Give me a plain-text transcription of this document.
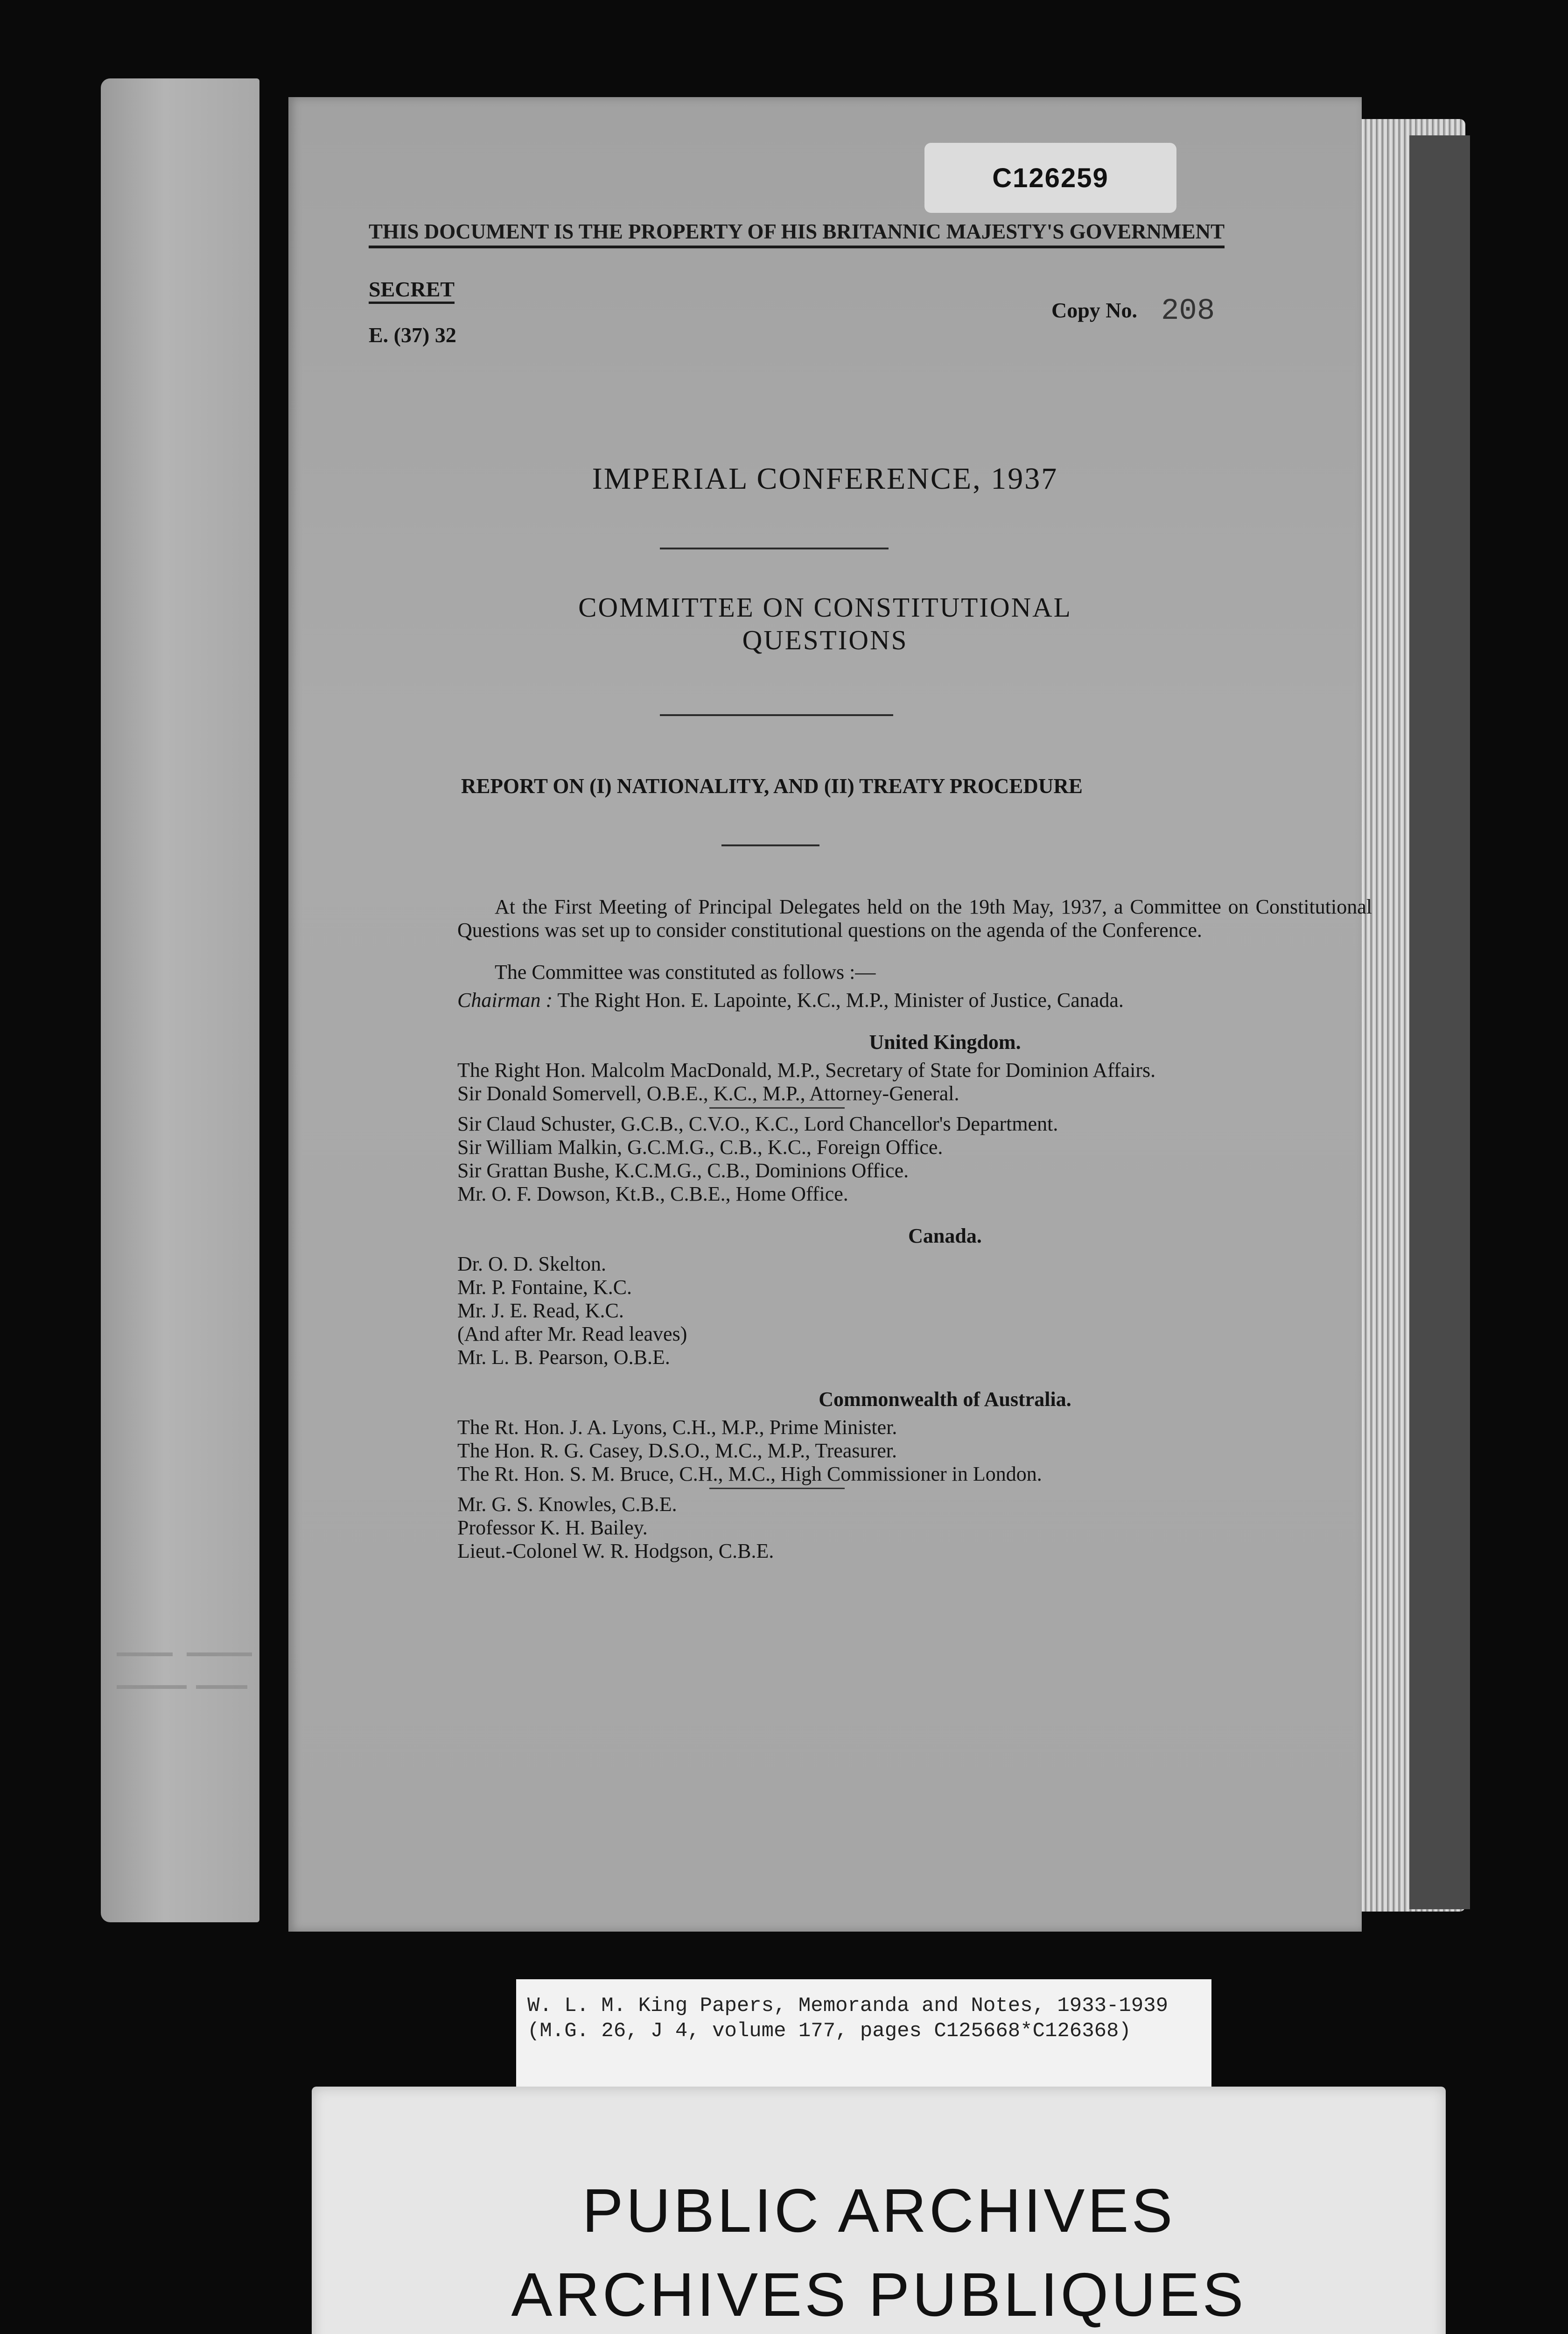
C126259
THIS DOCUMENT IS THE PROPERTY OF HIS BRITANNIC MAJESTY'S GOVERNMENT
SECRET
E. (37) 32
Copy No. 208
IMPERIAL CONFERENCE, 1937
COMMITTEE ON CONSTITUTIONAL QUESTIONS
REPORT ON (I) NATIONALITY, AND (II) TREATY PROCEDURE

At the First Meeting of Principal Delegates held on the 19th May, 1937, a Committee on Constitutional Questions was set up to consider constitutional questions on the agenda of the Conference.

The Committee was constituted as follows :—

Chairman : The Right Hon. E. Lapointe, K.C., M.P., Minister of Justice, Canada.

United Kingdom.

The Right Hon. Malcolm MacDonald, M.P., Secretary of State for Dominion Affairs.

Sir Donald Somervell, O.B.E., K.C., M.P., Attorney-General.

Sir Claud Schuster, G.C.B., C.V.O., K.C., Lord Chancellor's Department.

Sir William Malkin, G.C.M.G., C.B., K.C., Foreign Office.

Sir Grattan Bushe, K.C.M.G., C.B., Dominions Office.

Mr. O. F. Dowson, Kt.B., C.B.E., Home Office.

Canada.

Dr. O. D. Skelton.

Mr. P. Fontaine, K.C.

Mr. J. E. Read, K.C.

(And after Mr. Read leaves)

Mr. L. B. Pearson, O.B.E.

Commonwealth of Australia.

The Rt. Hon. J. A. Lyons, C.H., M.P., Prime Minister.

The Hon. R. G. Casey, D.S.O., M.C., M.P., Treasurer.

The Rt. Hon. S. M. Bruce, C.H., M.C., High Commissioner in London.

Mr. G. S. Knowles, C.B.E.

Professor K. H. Bailey.

Lieut.-Colonel W. R. Hodgson, C.B.E.

W. L. M. King Papers, Memoranda and Notes, 1933-1939
(M.G. 26, J 4, volume 177, pages C125668*C126368)
PUBLIC ARCHIVES
ARCHIVES PUBLIQUES
